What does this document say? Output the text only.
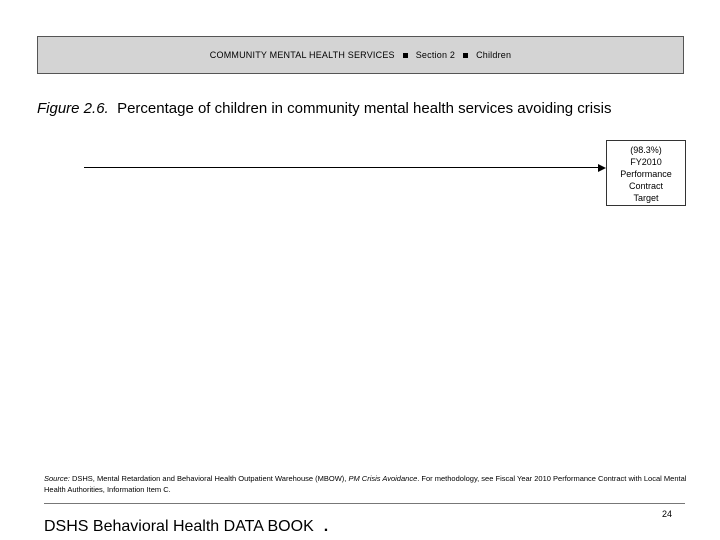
COMMUNITY MENTAL HEALTH SERVICES Section 2 Children
Figure 2.6. Percentage of children in community mental health services avoiding crisis
(98.3%)
FY2010
Performance
Contract
Target
Source: DSHS, Mental Retardation and Behavioral Health Outpatient Warehouse (MBOW), PM Crisis Avoidance. For methodology, see Fiscal Year 2010 Performance Contract with Local Mental Health Authorities, Information Item C.
24
DSHS Behavioral Health DATA BOOK .
